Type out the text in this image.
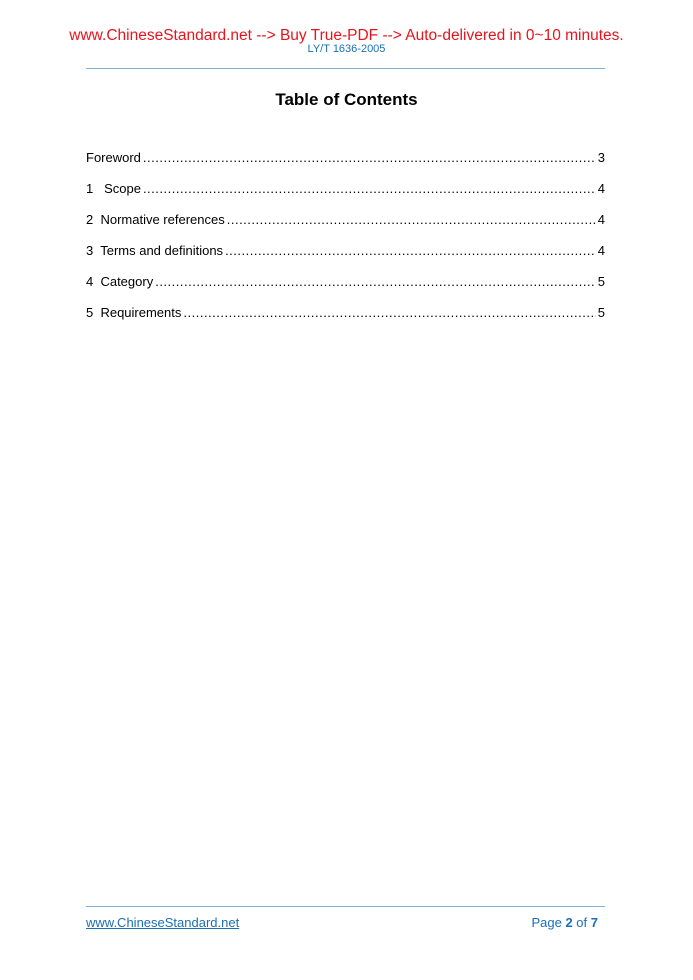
www.ChineseStandard.net --> Buy True-PDF --> Auto-delivered in 0~10 minutes.
LY/T 1636-2005
Table of Contents
Foreword .....	3
1   Scope .....	4
2  Normative references .....	4
3  Terms and definitions .....	4
4  Category .....	5
5  Requirements .....	5
www.ChineseStandard.net	Page 2 of 7
